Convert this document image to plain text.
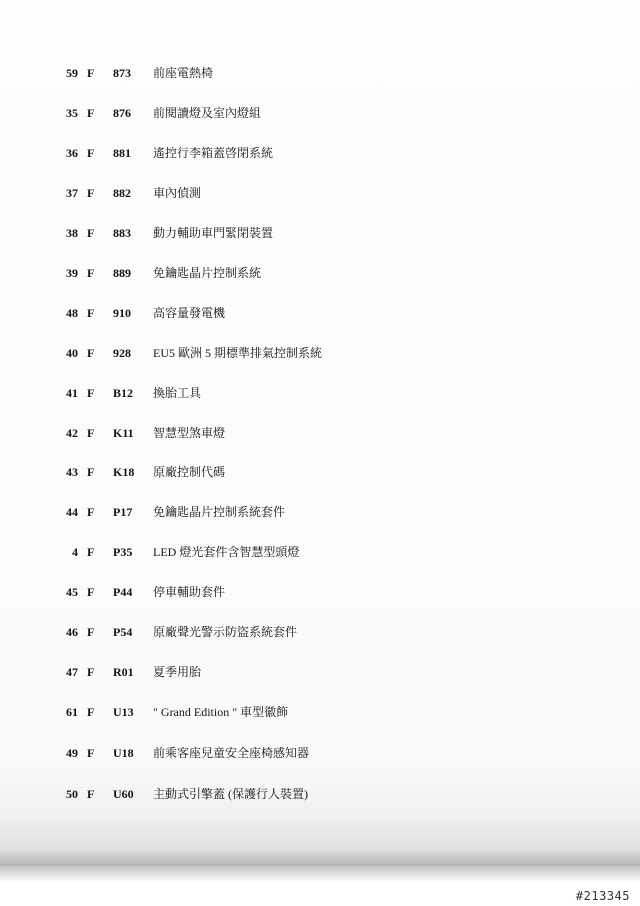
59 F 873 前座電熱椅
35 F 876 前閱讀燈及室內燈組
36 F 881 遙控行李箱蓋啓閉系統
37 F 882 車內偵測
38 F 883 動力輔助車門緊閉裝置
39 F 889 免鑰匙晶片控制系統
48 F 910 高容量發電機
40 F 928 EU5 歐洲 5 期標準排氣控制系統
41 F B12 換胎工具
42 F K11 智慧型煞車燈
43 F K18 原廠控制代碼
44 F P17 免鑰匙晶片控制系統套件
4 F P35 LED 燈光套件含智慧型頭燈
45 F P44 停車輔助套件
46 F P54 原廠聲光警示防盜系統套件
47 F R01 夏季用胎
61 F U13 " Grand Edition " 車型徽飾
49 F U18 前乘客座兒童安全座椅感知器
50 F U60 主動式引擎蓋 (保護行人裝置)
#213345
